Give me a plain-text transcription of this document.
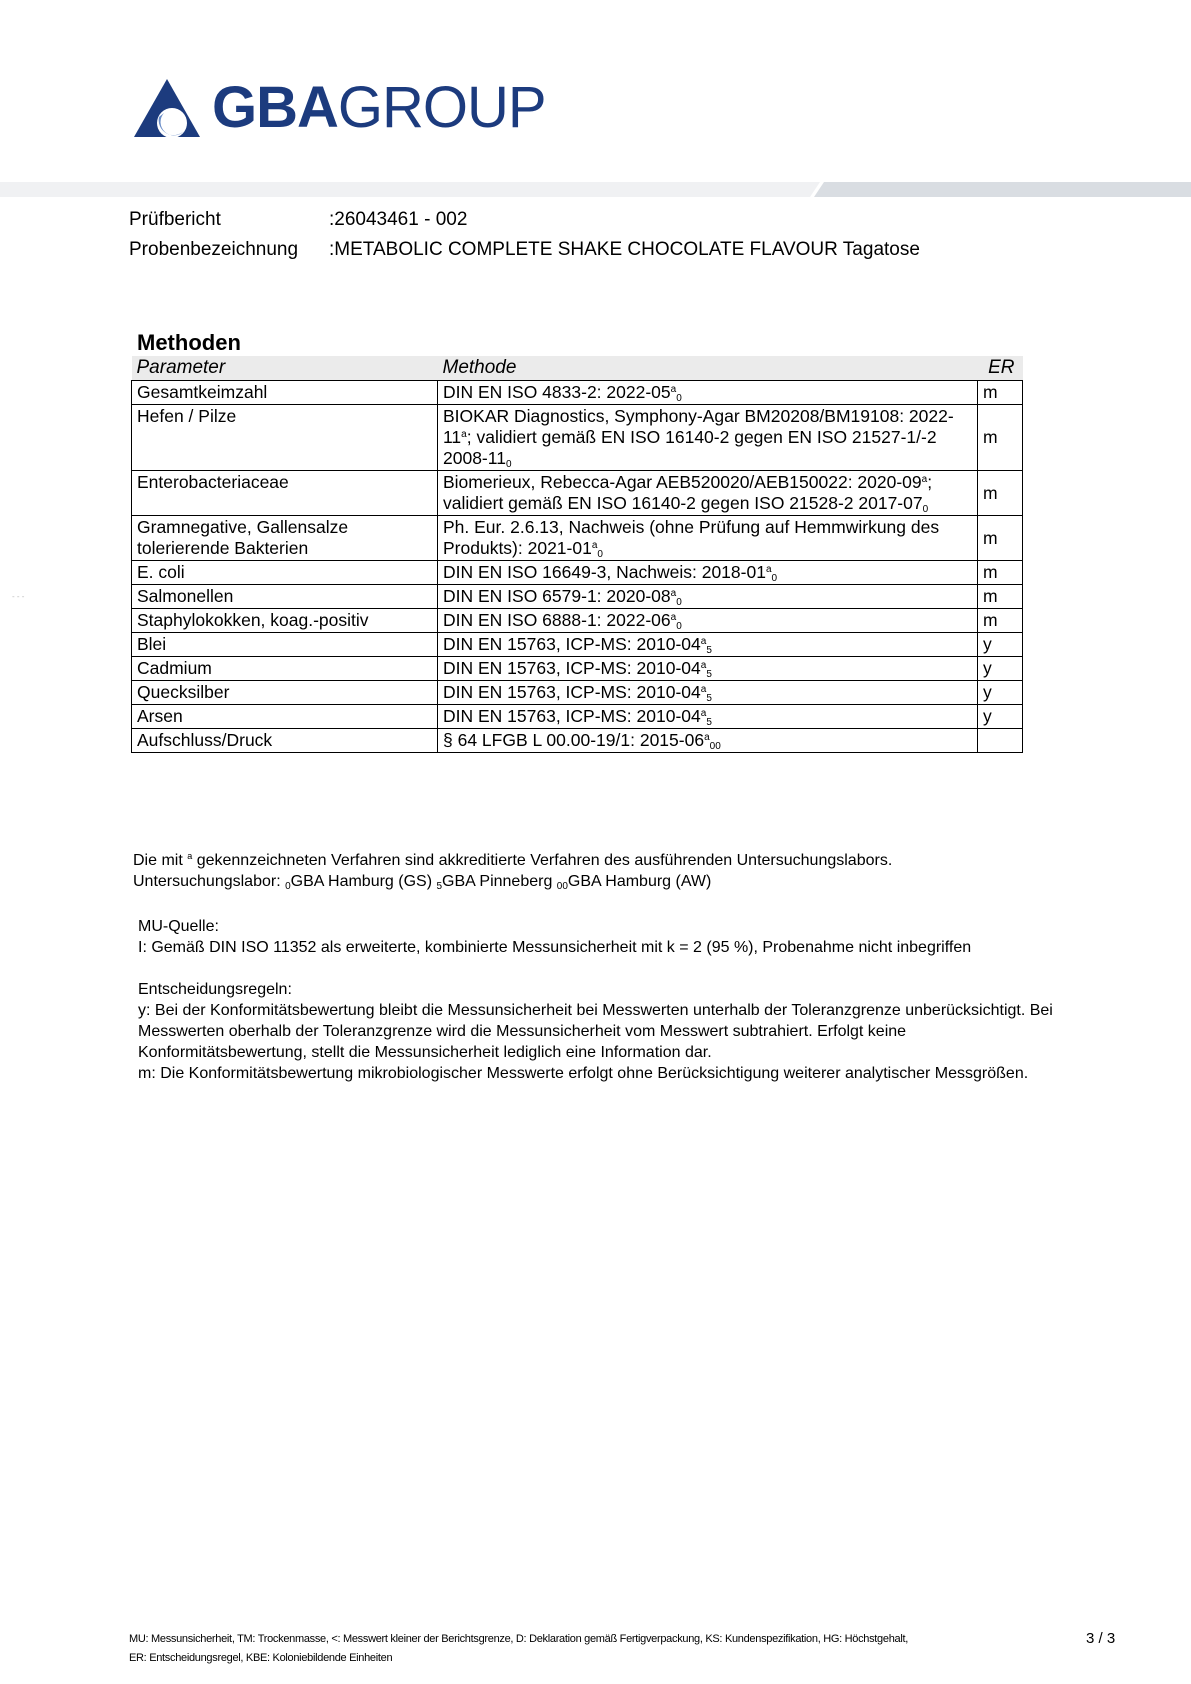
GBAGROUP
Prüfbericht	:26043461 - 002
Probenbezeichnung :METABOLIC COMPLETE SHAKE CHOCOLATE FLAVOUR Tagatose
Methoden
Parameter	Methode	ER
Gesamtkeimzahl	DIN EN ISO 4833-2: $2022-05^a_0$	m
Hefen / Pilze	BIOKAR Diagnostics, Symphony-Agar BM20208/BM19108: 2022-11$^a$; validiert gemäß EN ISO 16140-2 gegen EN ISO 21527-1/-2 $2008-11_0$	m
Enterobacteriaceae	Biomerieux, Rebecca-Agar AEB520020/AEB150022: 2020-09$^a$; validiert gemäß EN ISO 16140-2 gegen ISO 21528-2 $2017-07_0$	m
Gramnegative, Gallensalze tolerierende Bakterien	Ph. Eur. 2.6.13, Nachweis (ohne Prüfung auf Hemmwirkung des Produkts): $2021-01^a_0$	m
E. coli	DIN EN ISO 16649-3, Nachweis: $2018-01^a_0$	m
Salmonellen	DIN EN ISO 6579-1: $2020-08^a_0$	m
Staphylokokken, koag.-positiv	DIN EN ISO 6888-1: $2022-06^a_0$	m
Blei	DIN EN 15763, ICP-MS: $2010-04^a_5$	y
Cadmium	DIN EN 15763, ICP-MS: $2010-04^a_5$	y
Quecksilber	DIN EN 15763, ICP-MS: $2010-04^a_5$	y
Arsen	DIN EN 15763, ICP-MS: $2010-04^a_5$	y
Aufschluss/Druck	§ 64 LFGB L 00.00-19/1: $2015-06^a_{00}$	
Die mit $^a$ gekennzeichneten Verfahren sind akkreditierte Verfahren des ausführenden Untersuchungslabors.
Untersuchungslabor: $_0$GBA Hamburg (GS) $_5$GBA Pinneberg $_{00}$GBA Hamburg (AW)
MU-Quelle:
I: Gemäß DIN ISO 11352 als erweiterte, kombinierte Messunsicherheit mit k = 2 (95 %), Probenahme nicht inbegriffen
Entscheidungsregeln:
y: Bei der Konformitätsbewertung bleibt die Messunsicherheit bei Messwerten unterhalb der Toleranzgrenze unberücksichtigt. Bei
Messwerten oberhalb der Toleranzgrenze wird die Messunsicherheit vom Messwert subtrahiert. Erfolgt keine
Konformitätsbewertung, stellt die Messunsicherheit lediglich eine Information dar.
m: Die Konformitätsbewertung mikrobiologischer Messwerte erfolgt ohne Berücksichtigung weiterer analytischer Messgrößen.
- - -
MU: Messunsicherheit, TM: Trockenmasse, <: Messwert kleiner der Berichtsgrenze, D: Deklaration gemäß Fertigverpackung, KS: Kundenspezifikation, HG: Höchstgehalt,
ER: Entscheidungsregel, KBE: Koloniebildende Einheiten
3 / 3
